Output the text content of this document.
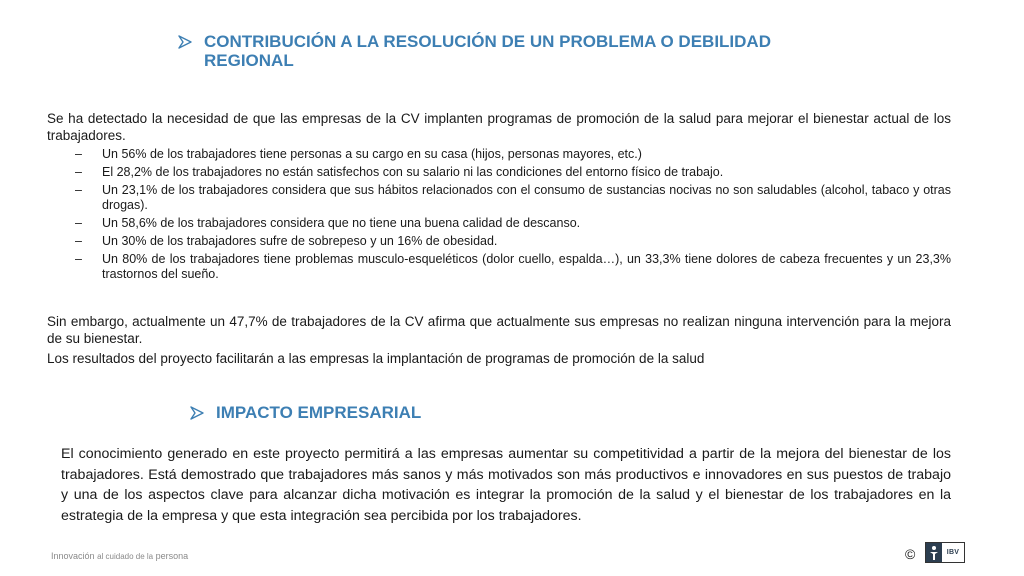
CONTRIBUCIÓN A LA RESOLUCIÓN DE UN PROBLEMA O DEBILIDAD REGIONAL

Se ha detectado la necesidad de que las empresas de la CV implanten programas de promoción de la salud para mejorar el bienestar actual de los trabajadores.

–	Un 56% de los trabajadores tiene personas a su cargo en su casa (hijos, personas mayores, etc.)
–	El 28,2% de los trabajadores no están satisfechos con su salario ni las condiciones del entorno físico de trabajo.
–	Un 23,1% de los trabajadores considera que sus hábitos relacionados con el consumo de sustancias nocivas no son saludables (alcohol, tabaco y otras drogas).
–	Un 58,6% de los trabajadores considera que no tiene una buena calidad de descanso.
–	Un 30% de los trabajadores sufre de sobrepeso y un 16% de obesidad.
–	Un 80% de los trabajadores tiene problemas musculo-esqueléticos (dolor cuello, espalda…), un 33,3% tiene dolores de cabeza frecuentes y un 23,3% trastornos del sueño.

Sin embargo, actualmente un 47,7% de trabajadores de la CV afirma que actualmente sus empresas no realizan ninguna intervención para la mejora de su bienestar.

Los resultados del proyecto facilitarán a las empresas la implantación de programas de promoción de la salud

IMPACTO EMPRESARIAL

El conocimiento generado en este proyecto permitirá a las empresas aumentar su competitividad a partir de la mejora del bienestar de los trabajadores. Está demostrado que trabajadores más sanos y más motivados son más productivos e innovadores en sus puestos de trabajo y una de los aspectos clave para alcanzar dicha motivación es integrar la promoción de la salud y el bienestar de los trabajadores en la estrategia de la empresa y que esta integración sea percibida por los trabajadores.

Innovación al cuidado de la persona	©	IBV
